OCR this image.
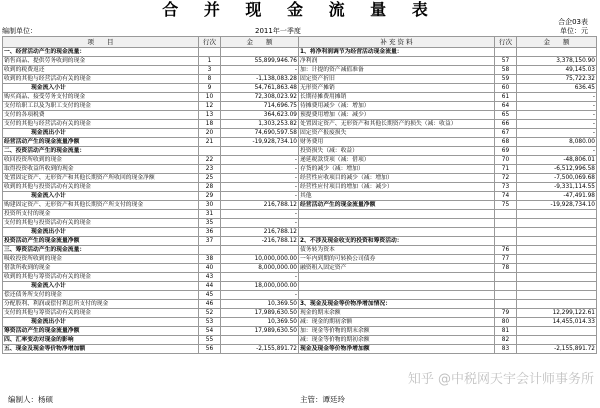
合 并 现 金 流 量 表
合企03表
编制单位：	2011年一季度	单位：元
项　　目	行次	金　　额	补 充 资 料	行次	金　　额
一、经营活动产生的现金流量：			1、将净利润调节为经营活动现金流量：		
销售商品、提供劳务收到的现金	1	55,899,946.76	净利润	57	3,378,150.90
收到的税费返还	3	-	加：计提的资产减值准备	58	49,145.03
收到的其他与经营活动有关的现金	8	-1,138,083.28	固定资产折旧	59	75,722.32
现金流入小计	9	54,761,863.48	无形资产摊销	60	636.45
购买商品、接受劳务支付的现金	10	72,308,023.92	长期待摊费用摊销	61	-
支付给职工以及为职工支付的现金	12	714,696.75	待摊费用减少（减：增加）	64	-
支付的各项税费	13	364,623.09	预提费用增加（减：减少）	65	-
支付的其他与经营活动有关的现金	18	1,303,253.82	处置固定资产、无形资产和其他长期资产的损失（减：收益）	66	-
现金流出小计	20	74,690,597.58	固定资产报废损失	67	-
经营活动产生的现金流量净额	21	-19,928,734.10	财务费用	68	8,080.00
二、投资活动产生的现金流量：			投资损失（减：收益）	69	-
收回投资所收到的现金	22	-	递延税款贷项（减：借项）	70	-48,806.01
取得投资收益所收到的现金	23	-	存货的减少（减：增加）	71	-6,512,996.58
处置固定资产、无形资产和其他长期资产所收回的现金净额	25	-	经营性应收项目的减少（减：增加）	72	-7,500,069.68
收到的其他与投资活动有关的现金	28	-	经营性应付项目的增加（减：减少）	73	-9,331,114.55
现金流入小计	29	-	其他	74	-47,491.98
购建固定资产、无形资产和其他长期资产所支付的现金	30	216,788.12	经营活动产生的现金流量净额	75	-19,928,734.10
投资所支付的现金	31	-			
支付的其他与投资活动有关的现金	35	-			
现金流出小计	36	216,788.12			
投资活动产生的现金流量净额	37	-216,788.12	2、不涉及现金收支的投资和筹资活动：		
三、筹资活动产生的现金流量：			债务转为资本	76	
吸收投资所收到的现金	38	10,000,000.00	一年内到期的可转换公司债券	77	
借款所收到的现金	40	8,000,000.00	融资租入固定资产	78	
收到的其他与筹资活动有关的现金	43	-			
现金流入小计	44	18,000,000.00			
偿还债务所支付的现金	45	-			
分配股利、利润或偿付利息所支付的现金	46	10,369.50	3、现金及现金等价物净增加情况：		
支付的其他与筹资活动有关的现金	52	17,989,630.50	现金的期末余额	79	12,299,122.61
现金流出小计	53	10,369.50	减：现金的期初余额	80	14,455,014.33
筹资活动产生的现金流量净额	54	17,989,630.50	加：现金等价物的期末余额	81	
四、汇率变动对现金的影响	55		减：现金等价物的期初余额	82	
五、现金及现金等价物净增加额	56	-2,155,891.72	现金及现金等价物净增加额	83	-2,155,891.72
编制人：杨硕	主管：谭廷玲
知乎 @中税网天宇会计师事务所
